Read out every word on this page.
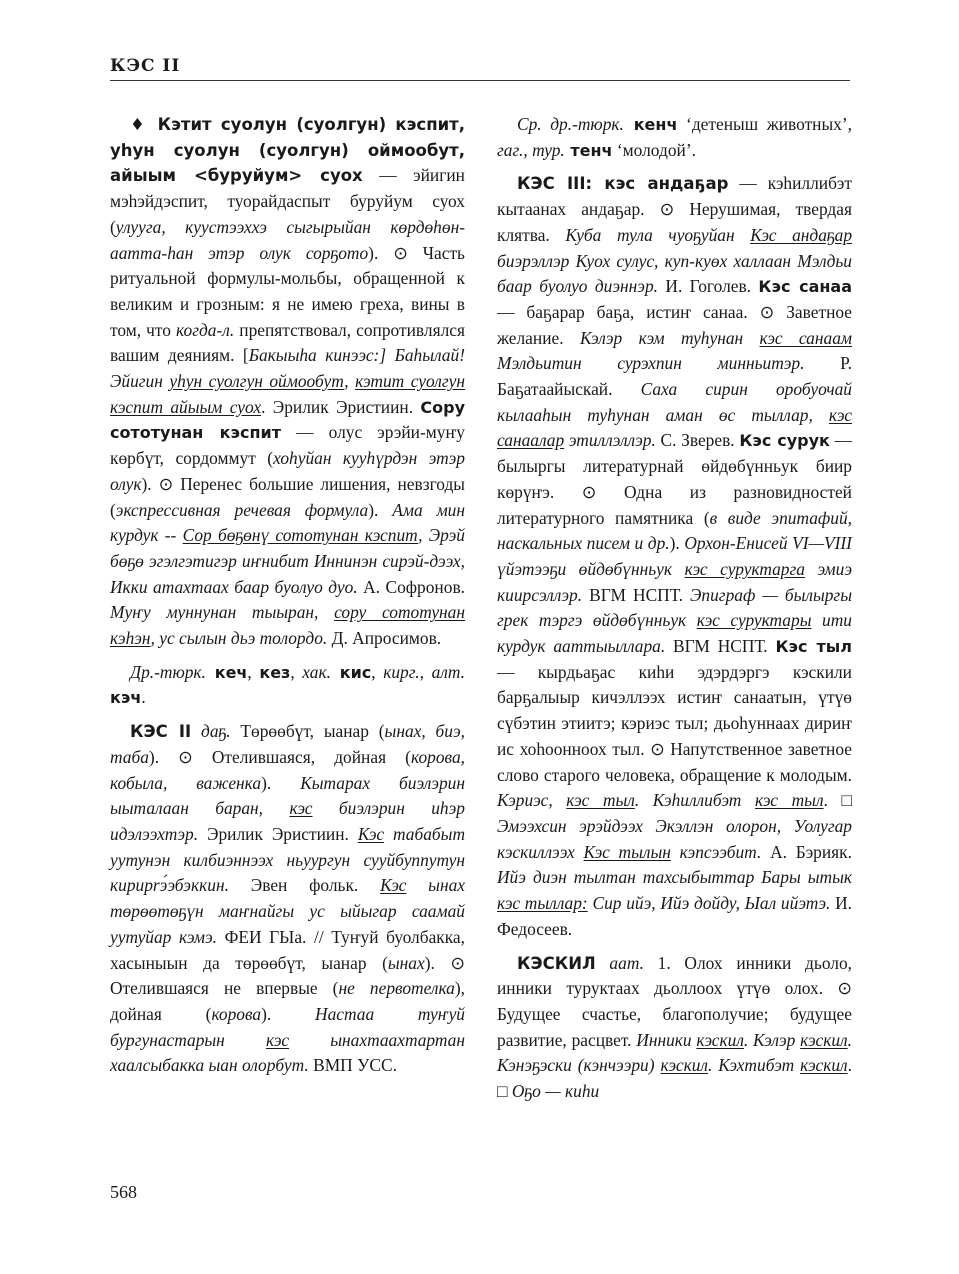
КЭС II

♦ Кэтит суолун (суолгун) кэспит, уһун суолун (суолгун) оймообут, айыым <буруйум> суох — эйигин мэһэйдэспит, туорайдаспыт буруйум суох (улууга, куустээххэ сыгырыйан көрдөһөн-аатта-һан этэр олук сорҕото). ⊙ Часть ритуальной формулы-мольбы, обращенной к великим и грозным: я не имею греха, вины в том, что когда-л. препятствовал, сопротивлялся вашим деяниям. [Бакыыһа кинээс:] Баһылай! Эйигин уһун суолгун оймообут, кэтит суолгун кэспит айыым суох. Эрилик Эристиин. Сору сототунан кэспит — олус эрэйи-муҥу көрбүт, сордоммут (хоһуйан кууһүрдэн этэр олук). ⊙ Перенес большие лишения, невзгоды (экспрессивная речевая формула). Ама мин курдук -- Сор бөҕөнү сототунан кэспит, Эрэй бөҕө эгэлгэтигэр иҥнибит Иннинэн сирэй-дээх, Икки атахтаах баар буолуо дуо. А. Софронов. Муҥу муннунан тыыран, сору сототунан кэһэн, ус сылын дьэ толордо. Д. Апросимов.

Др.-тюрк. кеч, кез, хак. кис, кирг., алт. кэч.

КЭС II даҕ. Төрөөбүт, ыанар (ынах, биэ, таба). ⊙ Отелившаяся, дойная (корова, кобыла, важенка). Кытарах биэлэрин ыыталаан баран, кэс биэлэрин иһэр идэлээхтэр. Эрилик Эристиин. Кэс табабыт уутунэн килбиэннээх ньуургун сууйбуппутун кирирrэ́эбэккин. Эвен фольк. Кэс ынах төрөөтөҕүн маҥнайгы ус ыйыгар саамай уутуйар кэмэ. ФЕИ ГЫа. // Туҥуй буолбакка, хасыныын да төрөөбүт, ыанар (ынах). ⊙ Отелившаяся не впервые (не первотелка), дойная (корова). Настаа туҥуй бургунастарын кэс ынахтаахтартан хаалсыбакка ыан олорбут. ВМП УСС.

Ср. др.-тюрк. кенч ‘детеныш животных’, гаг., тур. тенч ‘молодой’.

КЭС III: кэс андаҕар — кэһиллибэт кытаанах андаҕар. ⊙ Нерушимая, твердая клятва. Куба тула чуоҕуйан Кэс андаҕар биэрэллэр Куох сулус, куп-куөх халлаан Мэлдьи баар буолуо диэннэр. И. Гоголев. Кэс санаа — баҕарар баҕа, истиҥ санаа. ⊙ Заветное желание. Кэлэр кэм туһунан кэс санаам Мэлдьитин сурэхпин минньитэр. Р. Баҕатаайыскай. Саха сирин оробуочай кылааһын туһунан аман өс тыллар, кэс санаалар этиллэллэр. С. Зверев. Кэс сурук — былыргы литературнай өйдөбүнньук биир көрүҥэ. ⊙ Одна из разновидностей литературного памятника (в виде эпитафий, наскальных писем и др.). Орхон-Енисей VI—VIII үйэтээҕи өйдөбүнньук кэс суруктарга эмиэ киирсэллэр. ВГМ НСПТ. Эпиграф — былыргы грек тэргэ өйдөбүнньук кэс суруктары ити курдук ааттыыллара. ВГМ НСПТ. Кэс тыл — кырдьаҕас киһи эдэрдэргэ кэскили барҕалыыр кичэллээх истиҥ санаатын, үтүө сүбэтин этиитэ; кэриэс тыл; дьоһуннаах дириҥ ис хоһоонноох тыл. ⊙ Напутственное заветное слово старого человека, обращение к молодым. Кэриэс, кэс тыл. Кэһиллибэт кэс тыл. □ Эмээхсин эрэйдээх Экэллэн олорон, Уолугар кэскиллээх Кэс тылын кэпсээбит. А. Бэрияк. Ийэ диэн тылтан тахсыбыттар Бары ытык кэс тыллар: Сир ийэ, Ийэ дойду, Ыал ийэтэ. И. Федосеев.

КЭСКИЛ аат. 1. Олох инники дьоло, инники туруктаах дьоллоох үтүө олох. ⊙ Будущее счастье, благополучие; будущее развитие, расцвет. Инники кэскил. Кэлэр кэскил. Кэнэҕэски (кэнчээри) кэскил. Кэхтибэт кэскил. □ Оҕо — киһи

568
